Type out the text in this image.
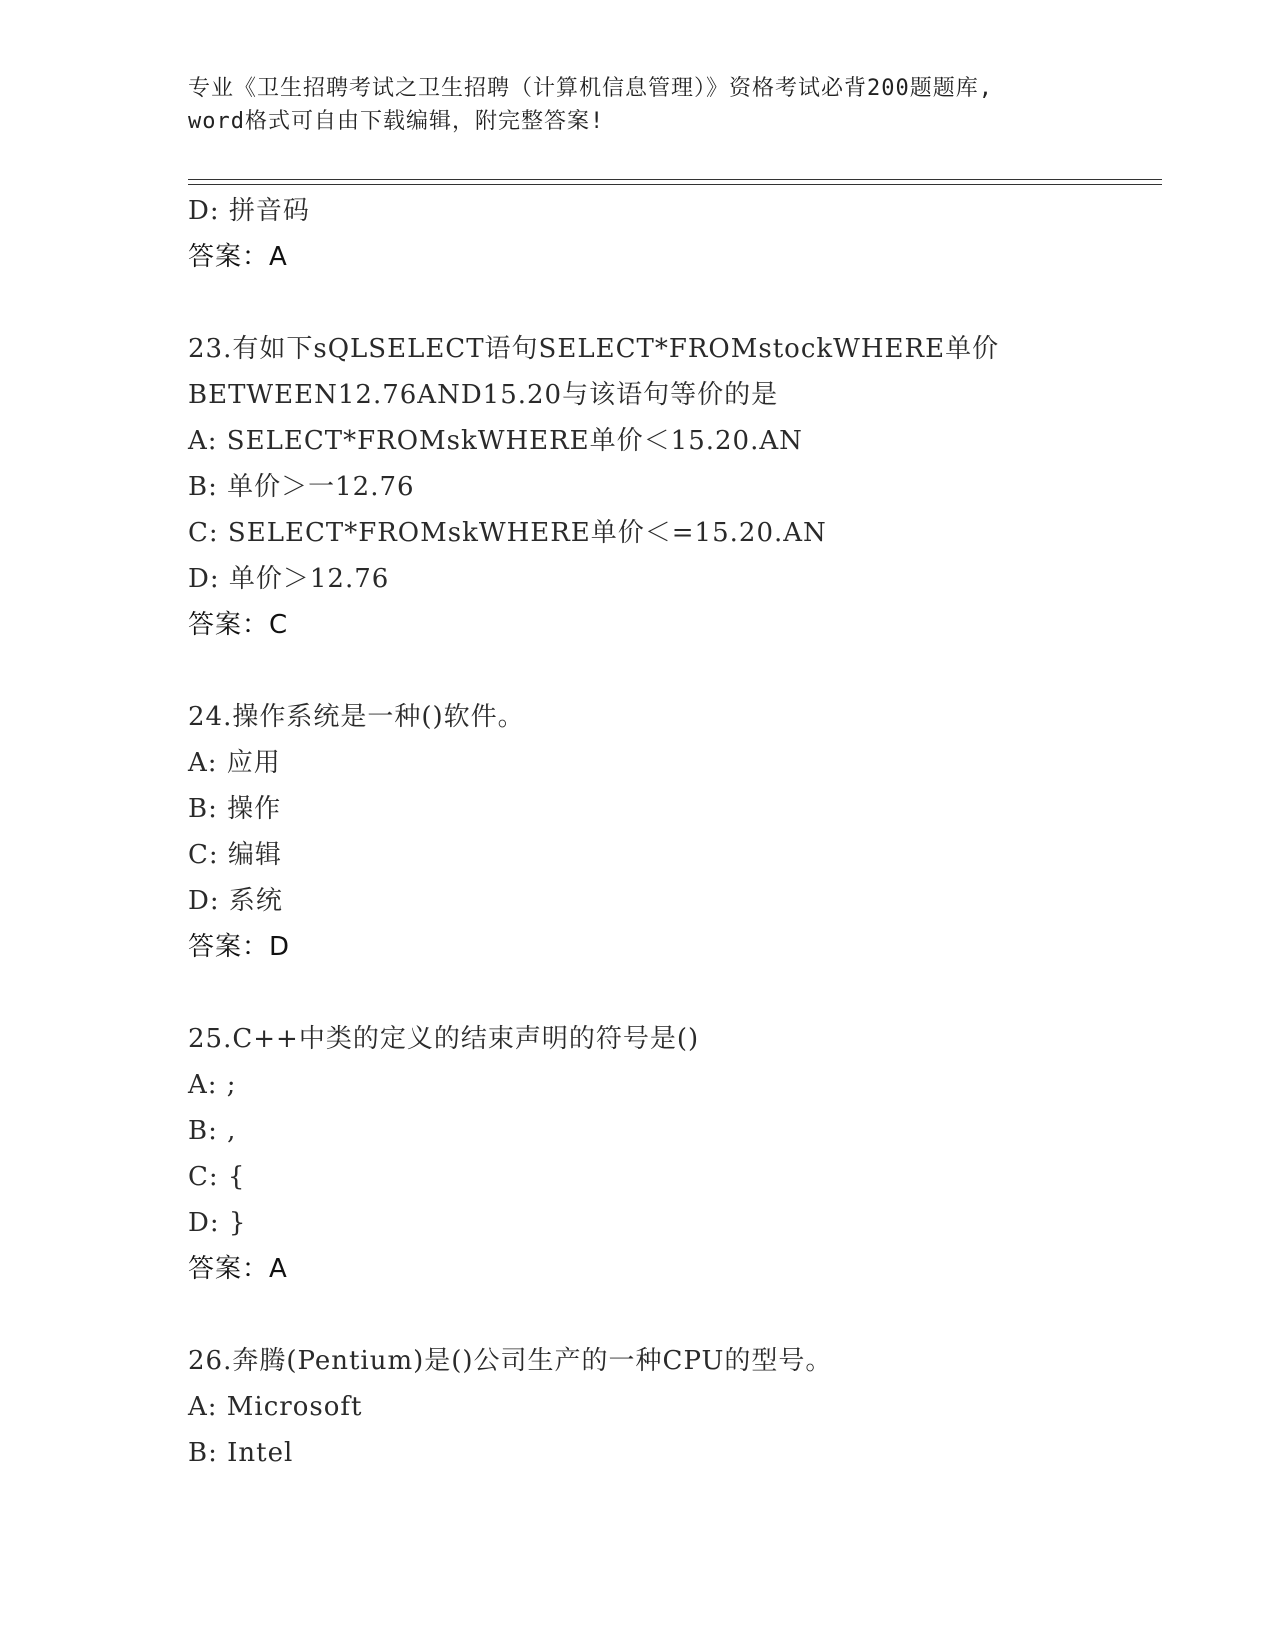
专业《卫生招聘考试之卫生招聘（计算机信息管理）》资格考试必背200题题库,
word格式可自由下载编辑，附完整答案!
D: 拼音码
答案：A
23.有如下sQLSELECT语句SELECT*FROMstockWHERE单价
BETWEEN12.76AND15.20与该语句等价的是
A: SELECT*FROMskWHERE单价＜15.20.AN
B: 单价＞一12.76
C: SELECT*FROMskWHERE单价＜=15.20.AN
D: 单价＞12.76
答案：C
24.操作系统是一种()软件。
A: 应用
B: 操作
C: 编辑
D: 系统
答案：D
25.C++中类的定义的结束声明的符号是()
A: ;
B: ,
C: {
D: }
答案：A
26.奔腾(Pentium)是()公司生产的一种CPU的型号。
A: Microsoft
B: Intel
